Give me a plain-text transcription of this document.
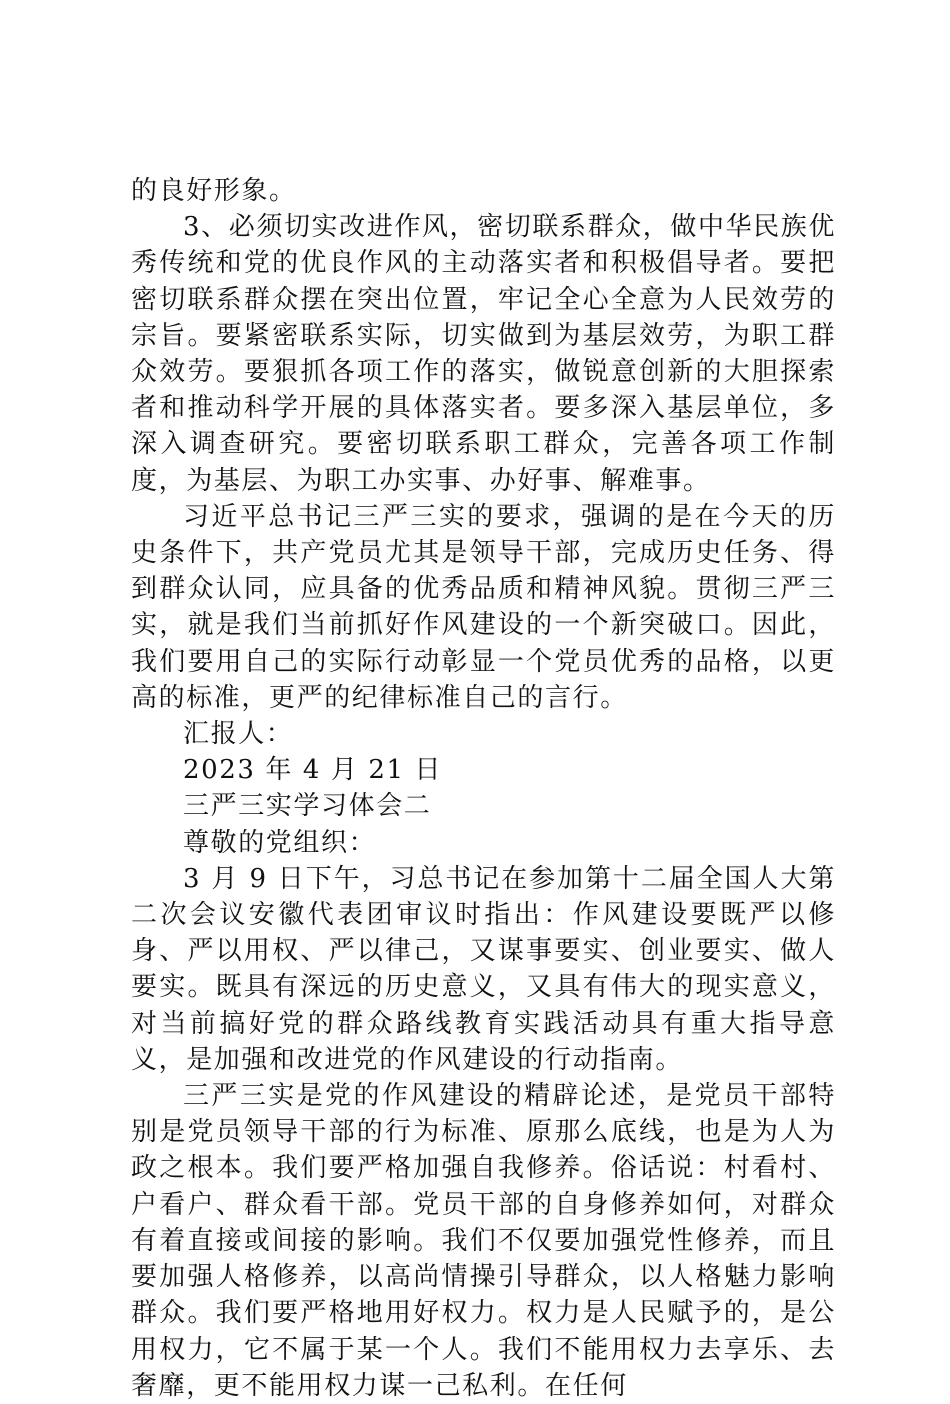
的良好形象。

3、必须切实改进作风，密切联系群众，做中华民族优秀传统和党的优良作风的主动落实者和积极倡导者。要把密切联系群众摆在突出位置，牢记全心全意为人民效劳的宗旨。要紧密联系实际，切实做到为基层效劳，为职工群众效劳。要狠抓各项工作的落实，做锐意创新的大胆探索者和推动科学开展的具体落实者。要多深入基层单位，多深入调查研究。要密切联系职工群众，完善各项工作制度，为基层、为职工办实事、办好事、解难事。

习近平总书记三严三实的要求，强调的是在今天的历史条件下，共产党员尤其是领导干部，完成历史任务、得到群众认同，应具备的优秀品质和精神风貌。贯彻三严三实，就是我们当前抓好作风建设的一个新突破口。因此，我们要用自己的实际行动彰显一个党员优秀的品格，以更高的标准，更严的纪律标准自己的言行。

汇报人：

2023 年 4 月 21 日

三严三实学习体会二

尊敬的党组织：

3 月 9 日下午，习总书记在参加第十二届全国人大第二次会议安徽代表团审议时指出：作风建设要既严以修身、严以用权、严以律己，又谋事要实、创业要实、做人要实。既具有深远的历史意义，又具有伟大的现实意义，对当前搞好党的群众路线教育实践活动具有重大指导意义，是加强和改进党的作风建设的行动指南。

三严三实是党的作风建设的精辟论述，是党员干部特别是党员领导干部的行为标准、原那么底线，也是为人为政之根本。我们要严格加强自我修养。俗话说：村看村、户看户、群众看干部。党员干部的自身修养如何，对群众有着直接或间接的影响。我们不仅要加强党性修养，而且要加强人格修养，以高尚情操引导群众，以人格魅力影响群众。我们要严格地用好权力。权力是人民赋予的，是公用权力，它不属于某一个人。我们不能用权力去享乐、去奢靡，更不能用权力谋一己私利。在任何
